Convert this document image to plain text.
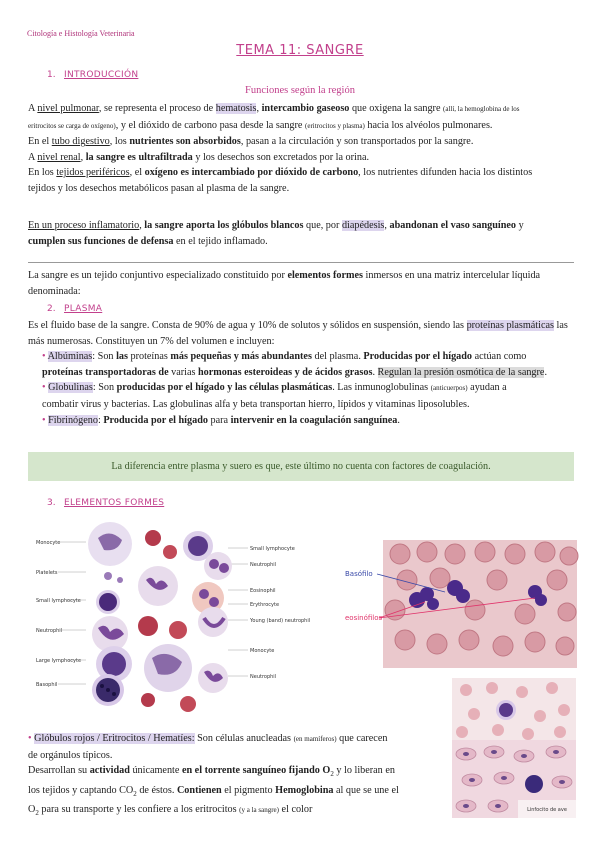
Citología e Histología Veterinaria
TEMA 11: SANGRE
1. INTRODUCCIÓN
Funciones según la región
A nivel pulmonar, se representa el proceso de hematosis, intercambio gaseoso que oxigena la sangre (allí, la hemoglobina de los
eritrocitos se carga de oxígeno), y el dióxido de carbono pasa desde la sangre (eritrocitos y plasma) hacia los alvéolos pulmonares.
En el tubo digestivo, los nutrientes son absorbidos, pasan a la circulación y son transportados por la sangre.
A nivel renal, la sangre es ultrafiltrada y los desechos son excretados por la orina.
En los tejidos periféricos, el oxígeno es intercambiado por dióxido de carbono, los nutrientes difunden hacia los distintos
tejidos y los desechos metabólicos pasan al plasma de la sangre.
En un proceso inflamatorio, la sangre aporta los glóbulos blancos que, por diapédesis, abandonan el vaso sanguíneo y
cumplen sus funciones de defensa en el tejido inflamado.
La sangre es un tejido conjuntivo especializado constituido por elementos formes inmersos en una matriz intercelular líquida
denominada:
2. PLASMA
Es el fluido base de la sangre. Consta de 90% de agua y 10% de solutos y sólidos en suspensión, siendo las proteínas plasmáticas las
más numerosas. Constituyen un 7% del volumen e incluyen:
• Albúminas: Son las proteínas más pequeñas y más abundantes del plasma. Producidas por el hígado actúan como
proteínas transportadoras de varias hormonas esteroideas y de ácidos grasos. Regulan la presión osmótica de la sangre.
• Globulinas: Son producidas por el hígado y las células plasmáticas. Las inmunoglobulinas (anticuerpos) ayudan a
combatir virus y bacterias. Las globulinas alfa y beta transportan hierro, lípidos y vitaminas liposolubles.
• Fibrinógeno: Producida por el hígado para intervenir en la coagulación sanguínea.
La diferencia entre plasma y suero es que, este último no cuenta con factores de coagulación.
3. ELEMENTOS FORMES
Monocyte
Platelets
Small lymphocyte
Neutrophil
Large lymphocyte
Basophil
Small lymphocyte
Neutrophil
Eosinophil
Erythrocyte
Young (band) neutrophil
Monocyte
Neutrophil
Basófilo
eosinófilos
Linfocito de ave
• Glóbulos rojos / Eritrocitos / Hematíes: Son células anucleadas (en mamíferos) que carecen
de orgánulos típicos.
Desarrollan su actividad únicamente en el torrente sanguíneo fijando $O_2$ y lo liberan en
los tejidos y captando $CO_2$ de éstos. Contienen el pigmento Hemoglobina al que se une el
$O_2$ para su transporte y les confiere a los eritrocitos (y a la sangre) el color
